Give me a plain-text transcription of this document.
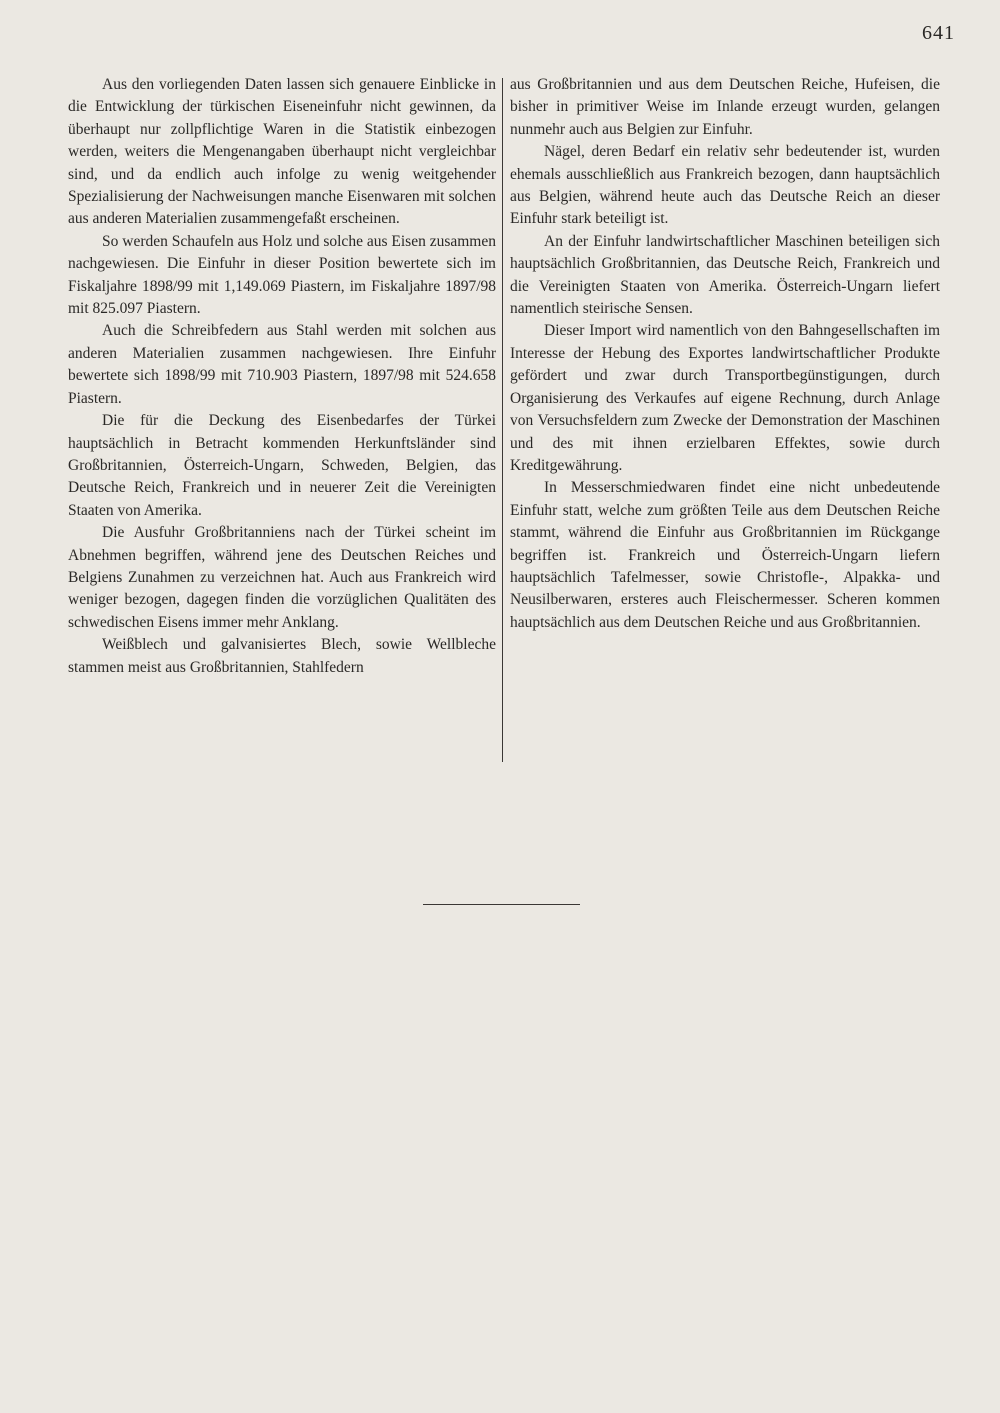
641

Aus den vorliegenden Daten lassen sich genauere Einblicke in die Entwicklung der türkischen Eiseneinfuhr nicht gewinnen, da überhaupt nur zollpflichtige Waren in die Statistik einbezogen werden, weiters die Mengenangaben überhaupt nicht vergleichbar sind, und da endlich auch infolge zu wenig weitgehender Spezialisierung der Nachweisungen manche Eisenwaren mit solchen aus anderen Materialien zusammengefaßt erscheinen.

So werden Schaufeln aus Holz und solche aus Eisen zusammen nachgewiesen. Die Einfuhr in dieser Position bewertete sich im Fiskaljahre 1898/99 mit 1,149.069 Piastern, im Fiskaljahre 1897/98 mit 825.097 Piastern.

Auch die Schreibfedern aus Stahl werden mit solchen aus anderen Materialien zusammen nachgewiesen. Ihre Einfuhr bewertete sich 1898/99 mit 710.903 Piastern, 1897/98 mit 524.658 Piastern.

Die für die Deckung des Eisenbedarfes der Türkei hauptsächlich in Betracht kommenden Herkunftsländer sind Großbritannien, Österreich-Ungarn, Schweden, Belgien, das Deutsche Reich, Frankreich und in neuerer Zeit die Vereinigten Staaten von Amerika.

Die Ausfuhr Großbritanniens nach der Türkei scheint im Abnehmen begriffen, während jene des Deutschen Reiches und Belgiens Zunahmen zu verzeichnen hat. Auch aus Frankreich wird weniger bezogen, dagegen finden die vorzüglichen Qualitäten des schwedischen Eisens immer mehr Anklang.

Weißblech und galvanisiertes Blech, sowie Wellbleche stammen meist aus Großbritannien, Stahlfedern

aus Großbritannien und aus dem Deutschen Reiche, Hufeisen, die bisher in primitiver Weise im Inlande erzeugt wurden, gelangen nunmehr auch aus Belgien zur Einfuhr.

Nägel, deren Bedarf ein relativ sehr bedeutender ist, wurden ehemals ausschließlich aus Frankreich bezogen, dann hauptsächlich aus Belgien, während heute auch das Deutsche Reich an dieser Einfuhr stark beteiligt ist.

An der Einfuhr landwirtschaftlicher Maschinen beteiligen sich hauptsächlich Großbritannien, das Deutsche Reich, Frankreich und die Vereinigten Staaten von Amerika. Österreich-Ungarn liefert namentlich steirische Sensen.

Dieser Import wird namentlich von den Bahngesellschaften im Interesse der Hebung des Exportes landwirtschaftlicher Produkte gefördert und zwar durch Transportbegünstigungen, durch Organisierung des Verkaufes auf eigene Rechnung, durch Anlage von Versuchsfeldern zum Zwecke der Demonstration der Maschinen und des mit ihnen erzielbaren Effektes, sowie durch Kreditgewährung.

In Messerschmiedwaren findet eine nicht unbedeutende Einfuhr statt, welche zum größten Teile aus dem Deutschen Reiche stammt, während die Einfuhr aus Großbritannien im Rückgange begriffen ist. Frankreich und Österreich-Ungarn liefern hauptsächlich Tafelmesser, sowie Christofle-, Alpakka- und Neusilberwaren, ersteres auch Fleischermesser. Scheren kommen hauptsächlich aus dem Deutschen Reiche und aus Großbritannien.
